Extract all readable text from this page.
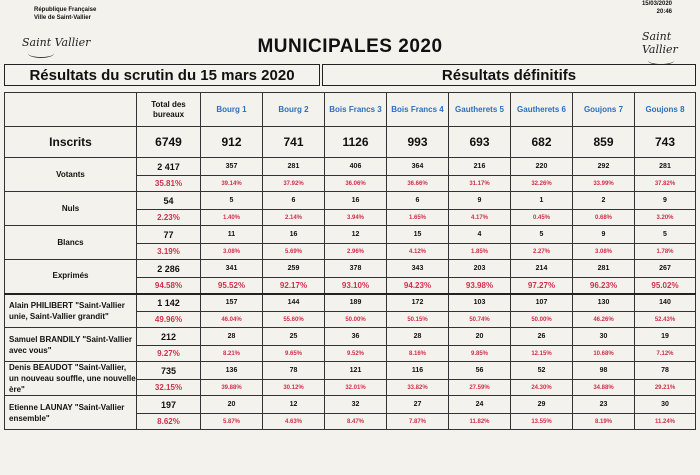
République Française
Ville de Saint-Vallier
15/03/2020
20:46
Saint Vallier	Saint Vallier
MUNICIPALES 2020
Résultats du scrutin du 15 mars 2020	Résultats définitifs
	Total des bureaux	Bourg 1	Bourg 2	Bois Francs 3	Bois Francs 4	Gautherets 5	Gautherets 6	Goujons 7	Goujons 8
Inscrits	6749	912	741	1126	993	693	682	859	743
Votants	2 417	357	281	406	364	216	220	292	281
	35.81%	39.14%	37.92%	36.06%	36.66%	31.17%	32.26%	33.99%	37.82%
Nuls	54	5	6	16	6	9	1	2	9
	2.23%	1.40%	2.14%	3.94%	1.65%	4.17%	0.45%	0.68%	3.20%
Blancs	77	11	16	12	15	4	5	9	5
	3.19%	3.08%	5.69%	2.96%	4.12%	1.85%	2.27%	3.08%	1.78%
Exprimés	2 286	341	259	378	343	203	214	281	267
	94.58%	95.52%	92.17%	93.10%	94.23%	93.98%	97.27%	96.23%	95.02%
Alain PHILIBERT "Saint-Vallier unie, Saint-Vallier grandit"	1 142	157	144	189	172	103	107	130	140
	49.96%	46.04%	55.60%	50.00%	50.15%	50.74%	50.00%	46.26%	52.43%
Samuel BRANDILY "Saint-Vallier avec vous"	212	28	25	36	28	20	26	30	19
	9.27%	8.21%	9.65%	9.52%	8.16%	9.85%	12.15%	10.68%	7.12%
Denis BEAUDOT "Saint-Vallier, un nouveau souffle, une nouvelle ère"	735	136	78	121	116	56	52	98	78
	32.15%	39.88%	30.12%	32.01%	33.82%	27.59%	24.30%	34.88%	29.21%
Etienne LAUNAY "Saint-Vallier ensemble"	197	20	12	32	27	24	29	23	30
	8.62%	5.87%	4.63%	8.47%	7.87%	11.82%	13.55%	8.19%	11.24%
